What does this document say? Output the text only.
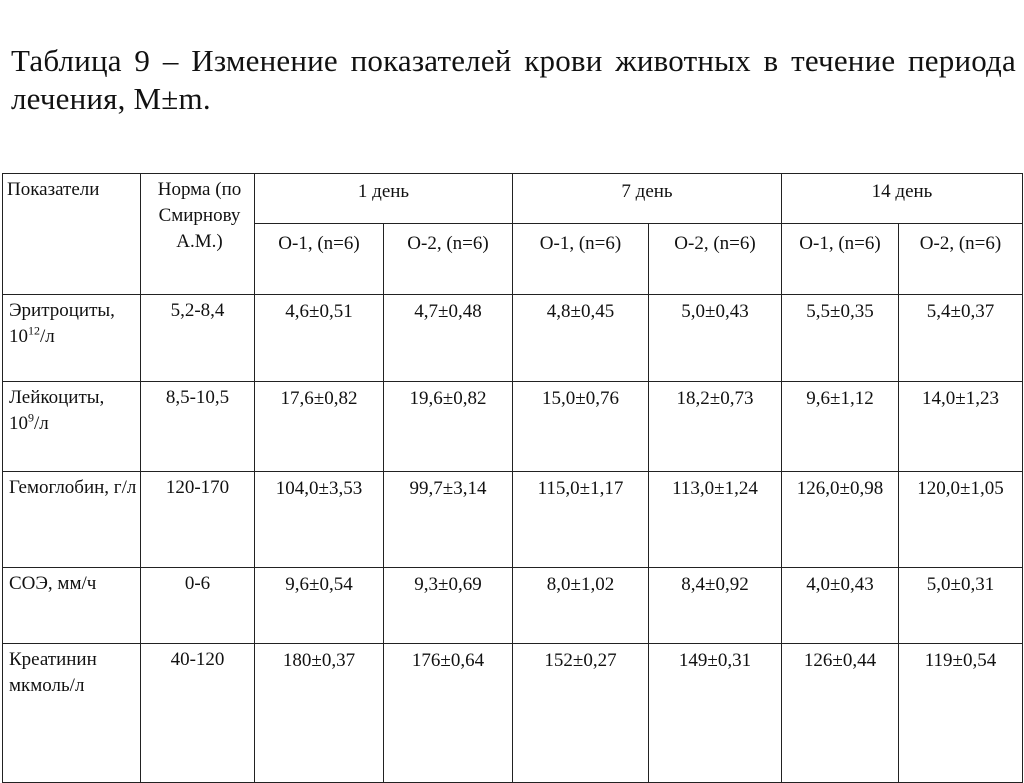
Таблица 9 – Изменение показателей крови животных в течение периода лечения, М±m.

Показатели	Норма (по Смирнову А.М.)	1 день		7 день		14 день	
		О-1, (n=6)	О-2, (n=6)	О-1, (n=6)	О-2, (n=6)	О-1, (n=6)	О-2, (n=6)
Эритроциты,
$10^{12}/л$	5,2-8,4	4,6±0,51	4,7±0,48	4,8±0,45	5,0±0,43	5,5±0,35	5,4±0,37
Лейкоциты,
$10^9/л$	8,5-10,5	17,6±0,82	19,6±0,82	15,0±0,76	18,2±0,73	9,6±1,12	14,0±1,23
Гемоглобин, г/л	120-170	104,0±3,53	99,7±3,14	115,0±1,17	113,0±1,24	126,0±0,98	120,0±1,05
СОЭ, мм/ч	0-6	9,6±0,54	9,3±0,69	8,0±1,02	8,4±0,92	4,0±0,43	5,0±0,31
Креатинин мкмоль/л	40-120	180±0,37	176±0,64	152±0,27	149±0,31	126±0,44	119±0,54
